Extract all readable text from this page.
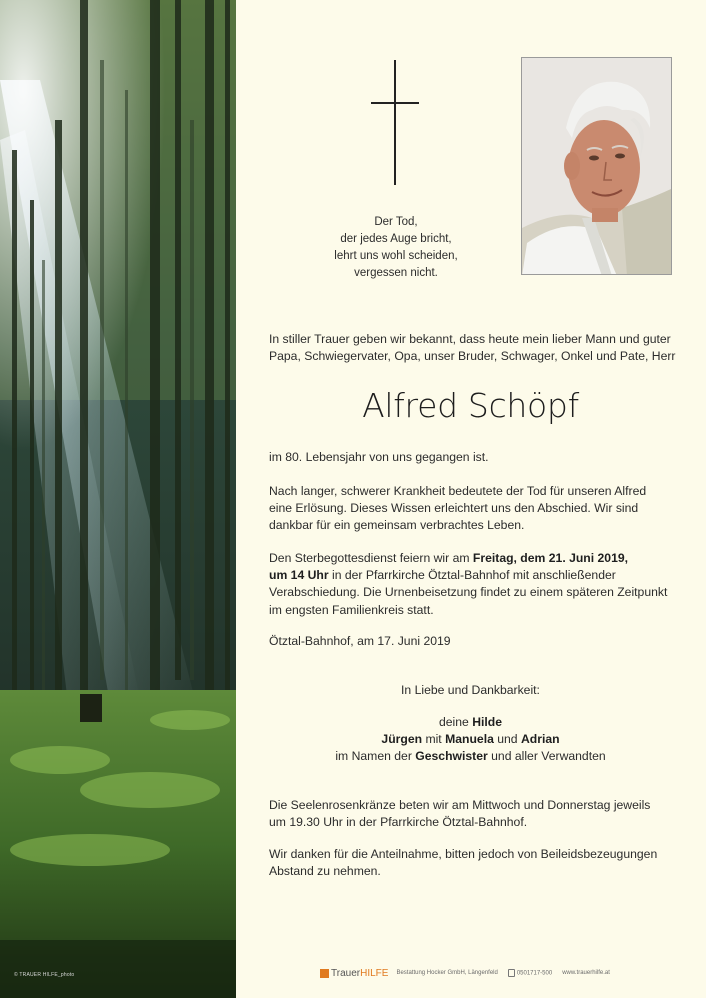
© TRAUER HILFE_photo
Der Tod,
der jedes Auge bricht,
lehrt uns wohl scheiden,
vergessen nicht.
In stiller Trauer geben wir bekannt, dass heute mein lieber Mann und guter
Papa, Schwiegervater, Opa, unser Bruder, Schwager, Onkel und Pate, Herr
Alfred Schöpf
im 80. Lebensjahr von uns gegangen ist.
Nach langer, schwerer Krankheit bedeutete der Tod für unseren Alfred
eine Erlösung. Dieses Wissen erleichtert uns den Abschied. Wir sind
dankbar für ein gemeinsam verbrachtes Leben.
Den Sterbegottesdienst feiern wir am Freitag, dem 21. Juni 2019,
um 14 Uhr in der Pfarrkirche Ötztal-Bahnhof mit anschließender
Verabschiedung. Die Urnenbeisetzung findet zu einem späteren Zeitpunkt
im engsten Familienkreis statt.
Ötztal-Bahnhof, am 17. Juni 2019
In Liebe und Dankbarkeit:
deine Hilde
Jürgen mit Manuela und Adrian
im Namen der Geschwister und aller Verwandten
Die Seelenrosenkränze beten wir am Mittwoch und Donnerstag jeweils
um 19.30 Uhr in der Pfarrkirche Ötztal-Bahnhof.
Wir danken für die Anteilnahme, bitten jedoch von Beileidsbezeugungen
Abstand zu nehmen.
TrauerHILFE Bestattung Hocker GmbH, Längenfeld	0501717-500 www.trauerhilfe.at
